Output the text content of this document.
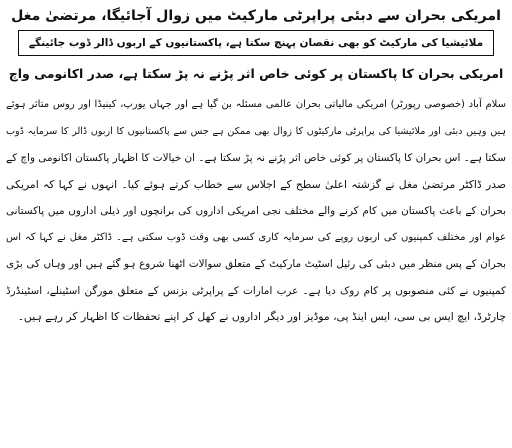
امریکی بحران سے دبئی پراپرٹی مارکیٹ میں زوال آجائیگا، مرتضیٰ مغل
ملائیشیا کی مارکیٹ کو بھی نقصان پہنچ سکتا ہے، پاکستانیوں کے اربوں ڈالر ڈوب جائینگے
امریکی بحران کا پاکستان پر کوئی خاص اثر پڑنے نہ پڑ سکتا ہے، صدر اکانومی واچ
سلام آباد (خصوصی رپورٹر) امریکی مالیاتی بحران عالمی مسئلہ بن گیا ہے اور جہاں یورپ، کینیڈا اور روس متاثر ہوئے
ہیں وہیں دبئی اور ملائیشیا کی پراپرٹی مارکیٹوں کا زوال بھی ممکن ہے جس سے پاکستانیوں کا اربوں ڈالر کا سرمایہ ڈوب
سکتا ہے۔ اس بحران کا پاکستان پر کوئی خاص اثر پڑنے نہ پڑ سکتا ہے۔ ان خیالات کا اظہار پاکستان اکانومی واچ کے
صدر ڈاکٹر مرتضیٰ مغل نے گزشتہ اعلیٰ سطح کے اجلاس سے خطاب کرتے ہوئے کیا۔ انہوں نے کہا کہ امریکی
بحران کے باعث پاکستان میں کام کرنے والے مختلف نجی امریکی اداروں کی برانچوں اور ذیلی اداروں میں پاکستانی
عوام اور مختلف کمپنیوں کی اربوں روپے کی سرمایہ کاری کسی بھی وقت ڈوب سکتی ہے۔ ڈاکٹر مغل نے کہا کہ اس
بحران کے پس منظر میں دبئی کی رئیل اسٹیٹ مارکیٹ کے متعلق سوالات اٹھنا شروع ہو گئے ہیں اور وہاں کی بڑی
کمپنیوں نے کئی منصوبوں پر کام روک دیا ہے۔ عرب امارات کے پراپرٹی بزنس کے متعلق مورگن اسٹینلے، اسٹینڈرڈ
چارٹرڈ، ایچ ایس بی سی، ایس اینڈ پی، موڈیز اور دیگر اداروں نے کھل کر اپنے تحفظات کا اظہار کر رہے ہیں۔
